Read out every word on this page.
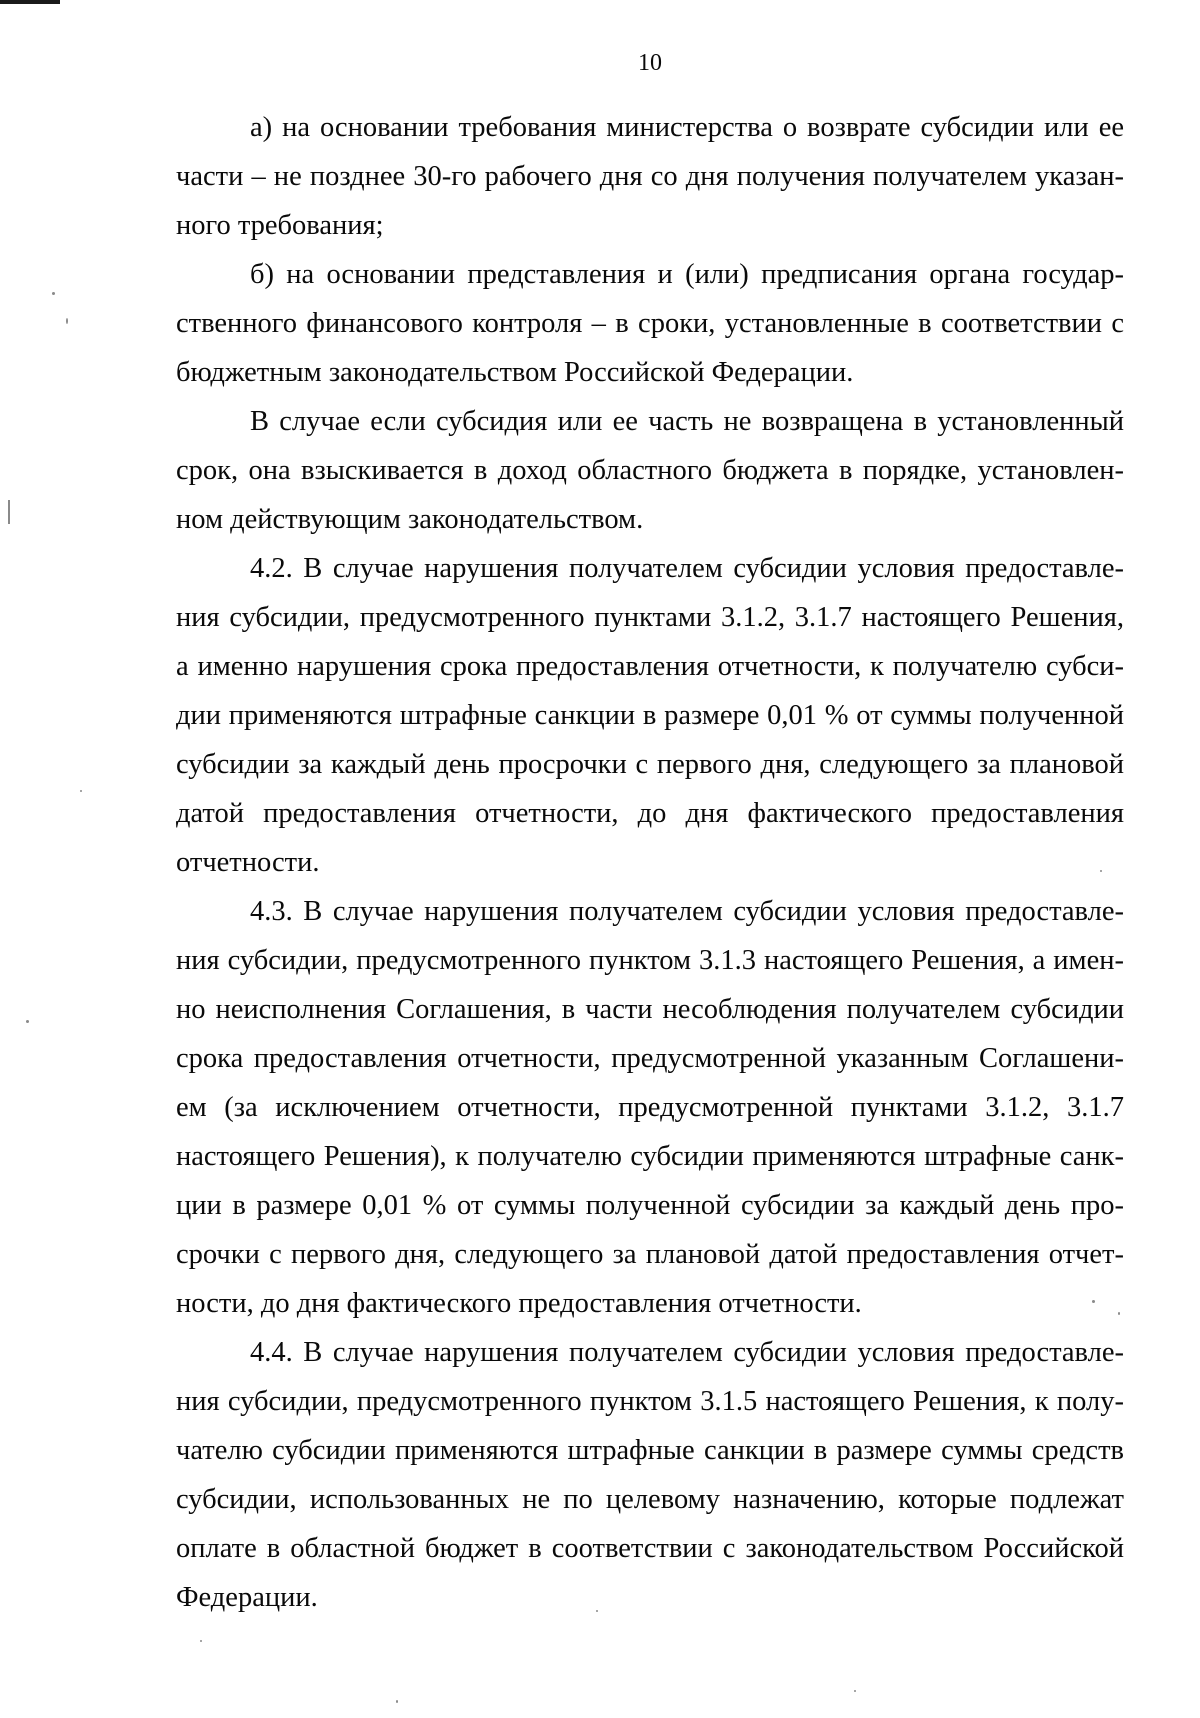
10

а) на основании требования министерства о возврате субсидии или ее части – не позднее 30-го рабочего дня со дня получения получателем указанного требования;

б) на основании представления и (или) предписания органа государственного финансового контроля – в сроки, установленные в соответствии с бюджетным законодательством Российской Федерации.

В случае если субсидия или ее часть не возвращена в установленный срок, она взыскивается в доход областного бюджета в порядке, установленном действующим законодательством.

4.2. В случае нарушения получателем субсидии условия предоставления субсидии, предусмотренного пунктами 3.1.2, 3.1.7 настоящего Решения, а именно нарушения срока предоставления отчетности, к получателю субсидии применяются штрафные санкции в размере 0,01 % от суммы полученной субсидии за каждый день просрочки с первого дня, следующего за плановой датой предоставления отчетности, до дня фактического предоставления отчетности.

4.3. В случае нарушения получателем субсидии условия предоставления субсидии, предусмотренного пунктом 3.1.3 настоящего Решения, а именно неисполнения Соглашения, в части несоблюдения получателем субсидии срока предоставления отчетности, предусмотренной указанным Соглашением (за исключением отчетности, предусмотренной пунктами 3.1.2, 3.1.7 настоящего Решения), к получателю субсидии применяются штрафные санкции в размере 0,01 % от суммы полученной субсидии за каждый день просрочки с первого дня, следующего за плановой датой предоставления отчетности, до дня фактического предоставления отчетности.

4.4. В случае нарушения получателем субсидии условия предоставления субсидии, предусмотренного пунктом 3.1.5 настоящего Решения, к получателю субсидии применяются штрафные санкции в размере суммы средств субсидии, использованных не по целевому назначению, которые подлежат оплате в областной бюджет в соответствии с законодательством Российской Федерации.
